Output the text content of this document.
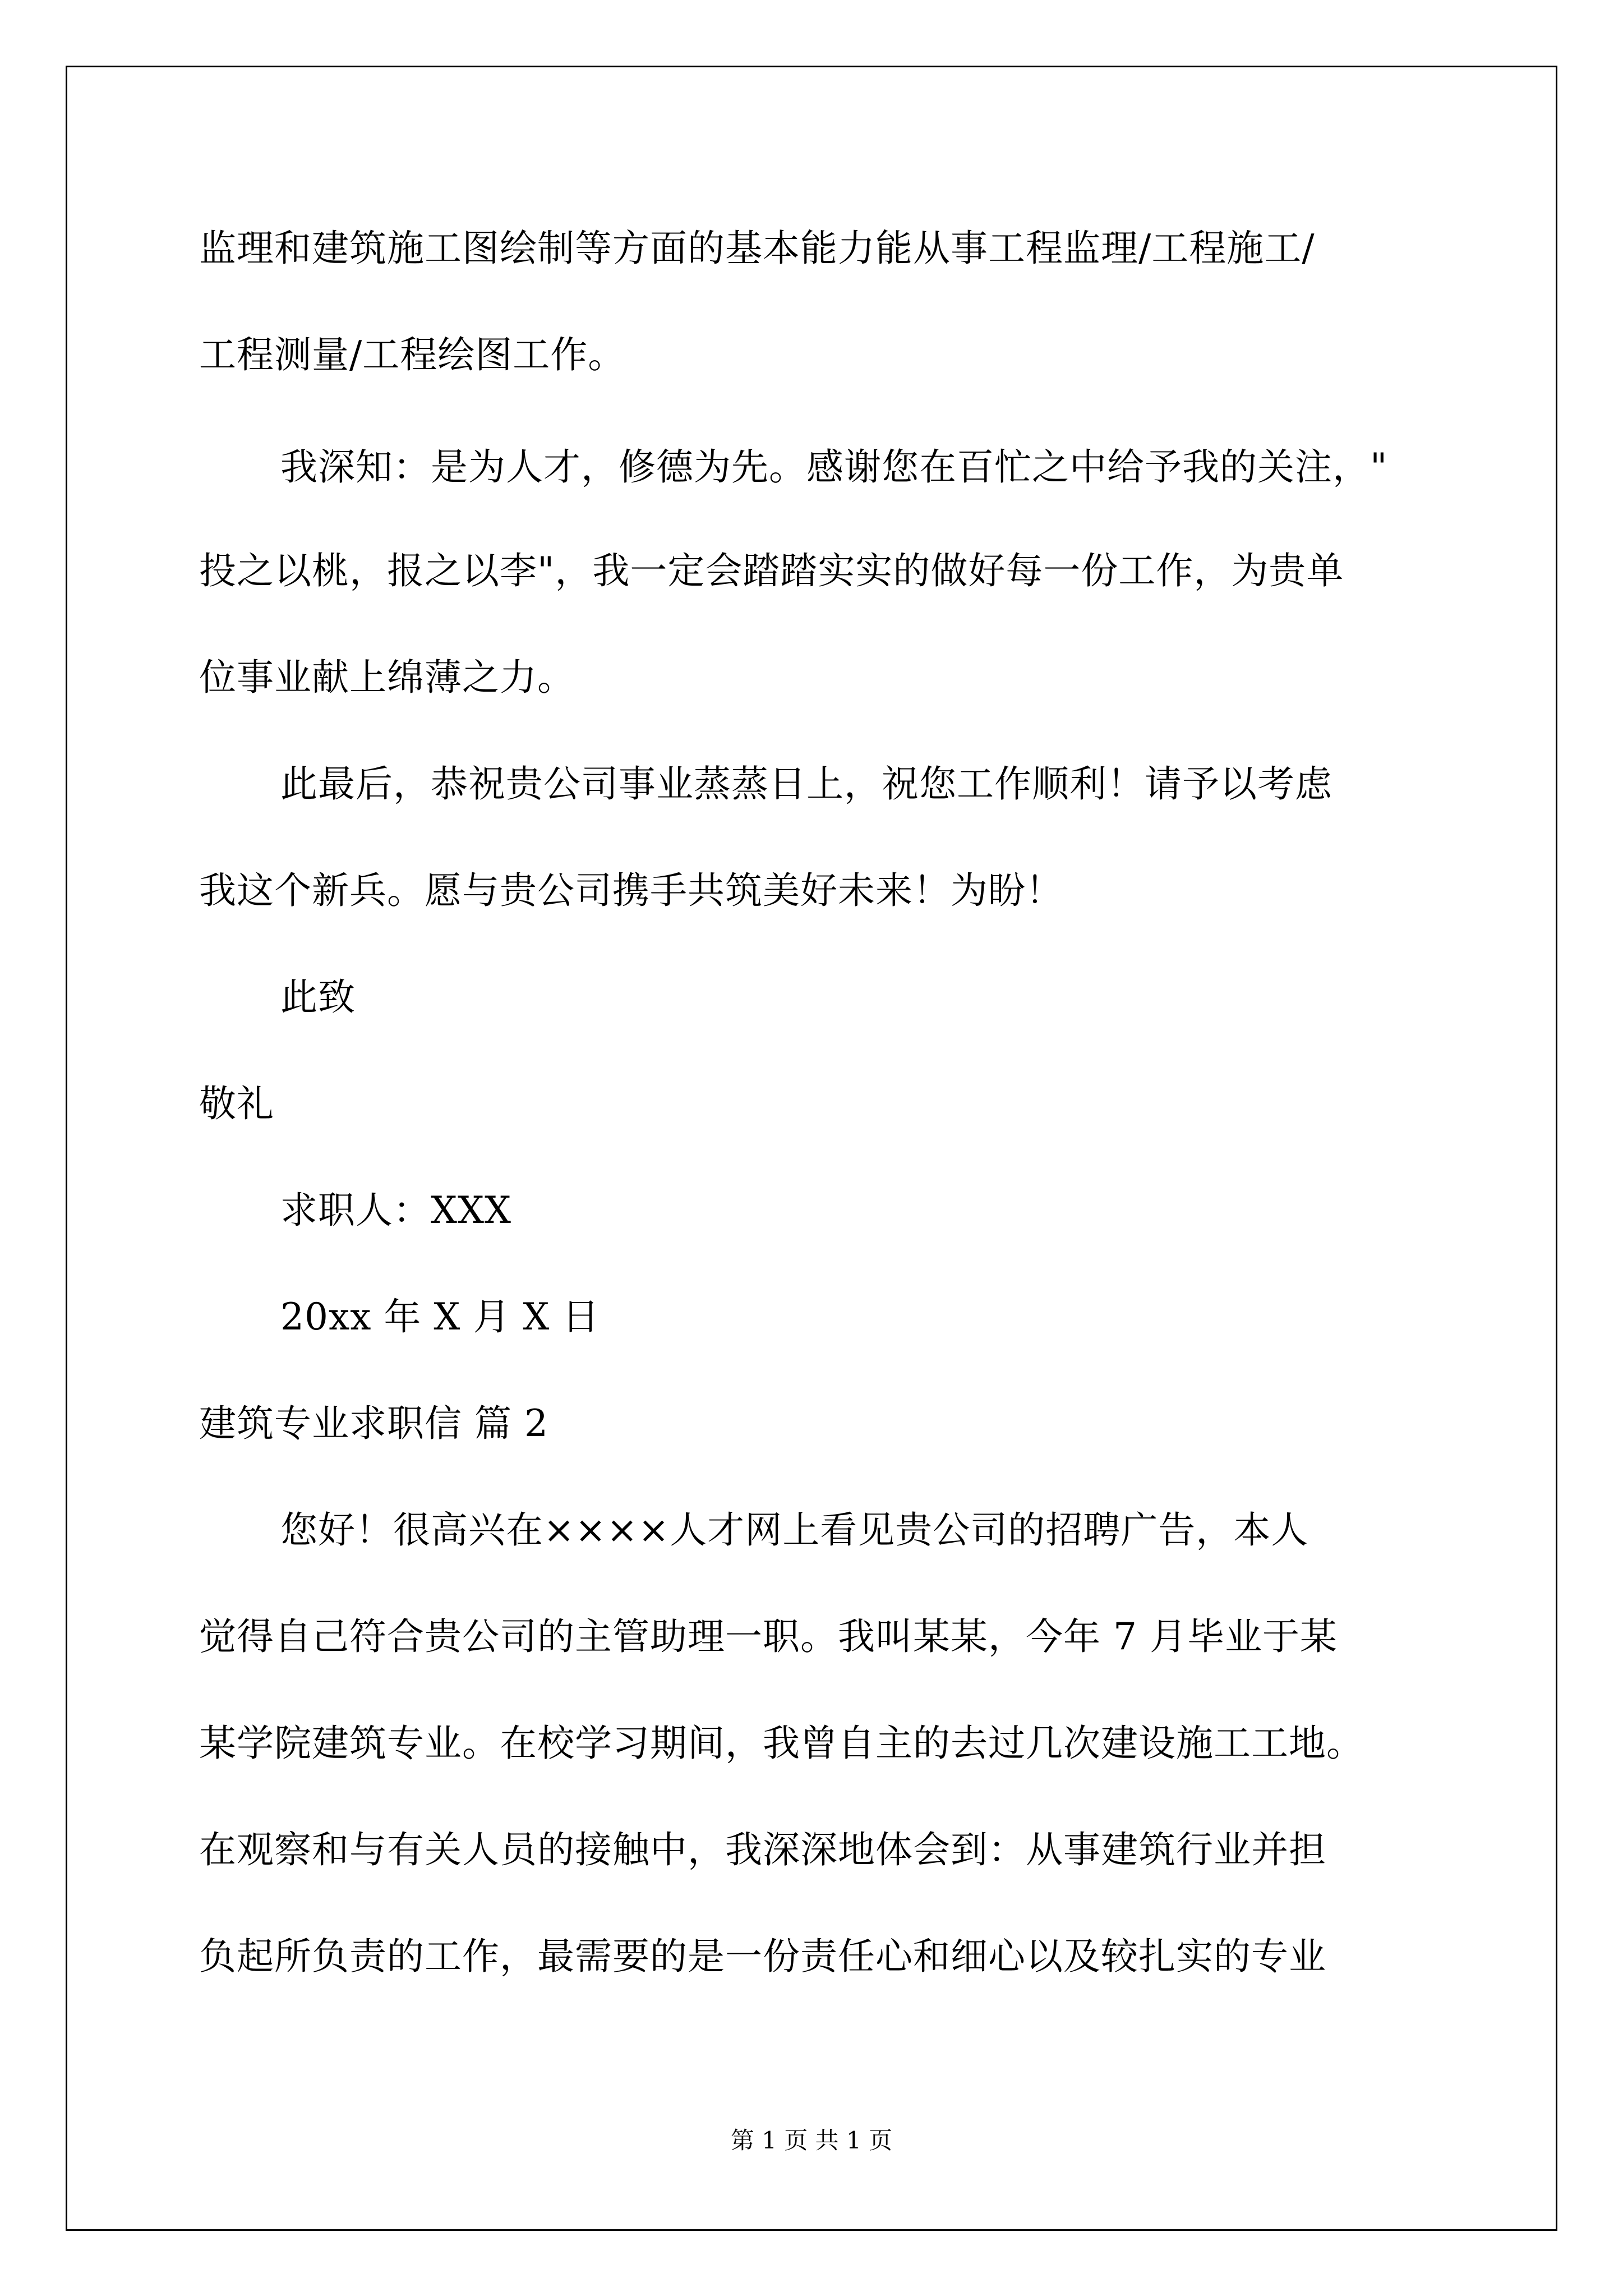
监理和建筑施工图绘制等方面的基本能力能从事工程监理/工程施工/
工程测量/工程绘图工作。
我深知：是为人才，修德为先。感谢您在百忙之中给予我的关注，"
投之以桃，报之以李"，我一定会踏踏实实的做好每一份工作，为贵单
位事业献上绵薄之力。
此最后，恭祝贵公司事业蒸蒸日上，祝您工作顺利！请予以考虑
我这个新兵。愿与贵公司携手共筑美好未来！为盼！
此致
敬礼
求职人：XXX
20xx 年 X 月 X 日
建筑专业求职信 篇 2
您好！很高兴在××××人才网上看见贵公司的招聘广告，本人
觉得自己符合贵公司的主管助理一职。我叫某某，今年 7 月毕业于某
某学院建筑专业。在校学习期间，我曾自主的去过几次建设施工工地。
在观察和与有关人员的接触中，我深深地体会到：从事建筑行业并担
负起所负责的工作，最需要的是一份责任心和细心以及较扎实的专业
第 1 页 共 1 页
